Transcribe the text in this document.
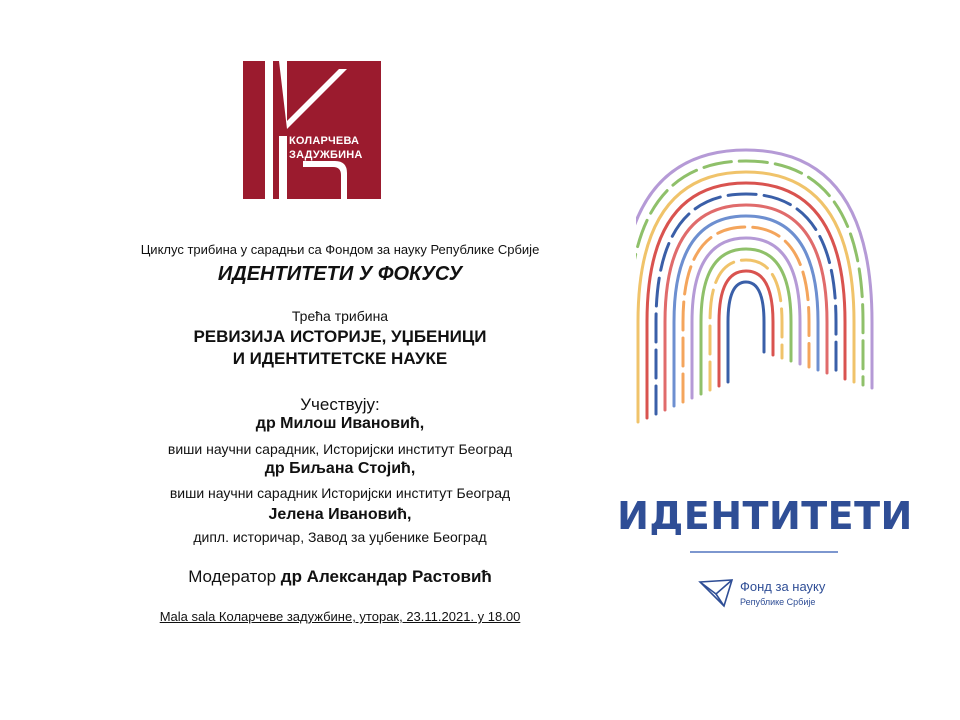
КОЛАРЧЕВА
ЗАДУЖБИНА
Циклус трибина у сарадњи са Фондом за науку Републике Србије
ИДЕНТИТЕТИ У ФОКУСУ
Трећа трибина
РЕВИЗИЈА ИСТОРИЈЕ, УЏБЕНИЦИ
И ИДЕНТИТЕТСКЕ НАУКЕ
Учествују:
др Милош Ивановић,
виши научни сарадник, Историјски институт Београд
др Биљана Стојић,
виши научни сарадник Историјски институт Београд
Јелена Ивановић,
дипл. историчар, Завод за уџбенике Београд
Модератор др Александар Растовић
Mala sala Коларчеве задужбине, уторак, 23.11.2021. у 18.00
ИДЕНТИТЕТИ
Фонд за науку
Републике Србије
